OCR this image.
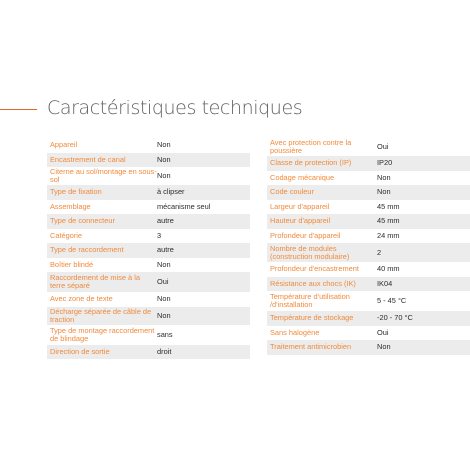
Caractéristiques techniques
Appareil	Non
Encastrement de canal	Non
Citerne au sol/montage en sous-sol	Non
Type de fixation	à clipser
Assemblage	mécanisme seul
Type de connecteur	autre
Catégorie	3
Type de raccordement	autre
Boîtier blindé	Non
Raccordement de mise à la terre séparé	Oui
Avec zone de texte	Non
Décharge séparée de câble de traction	Non
Type de montage raccordement de blindage	sans
Direction de sortie	droit
Avec protection contre la poussière	Oui
Classe de protection (IP)	IP20
Codage mécanique	Non
Code couleur	Non
Largeur d'appareil	45 mm
Hauteur d'appareil	45 mm
Profondeur d'appareil	24 mm
Nombre de modules (construction modulaire)	2
Profondeur d'encastrement	40 mm
Résistance aux chocs (IK)	IK04
Température d'utilisation /d'installation	5 - 45 °C
Température de stockage	-20 - 70 °C
Sans halogène	Oui
Traitement antimicrobien	Non
